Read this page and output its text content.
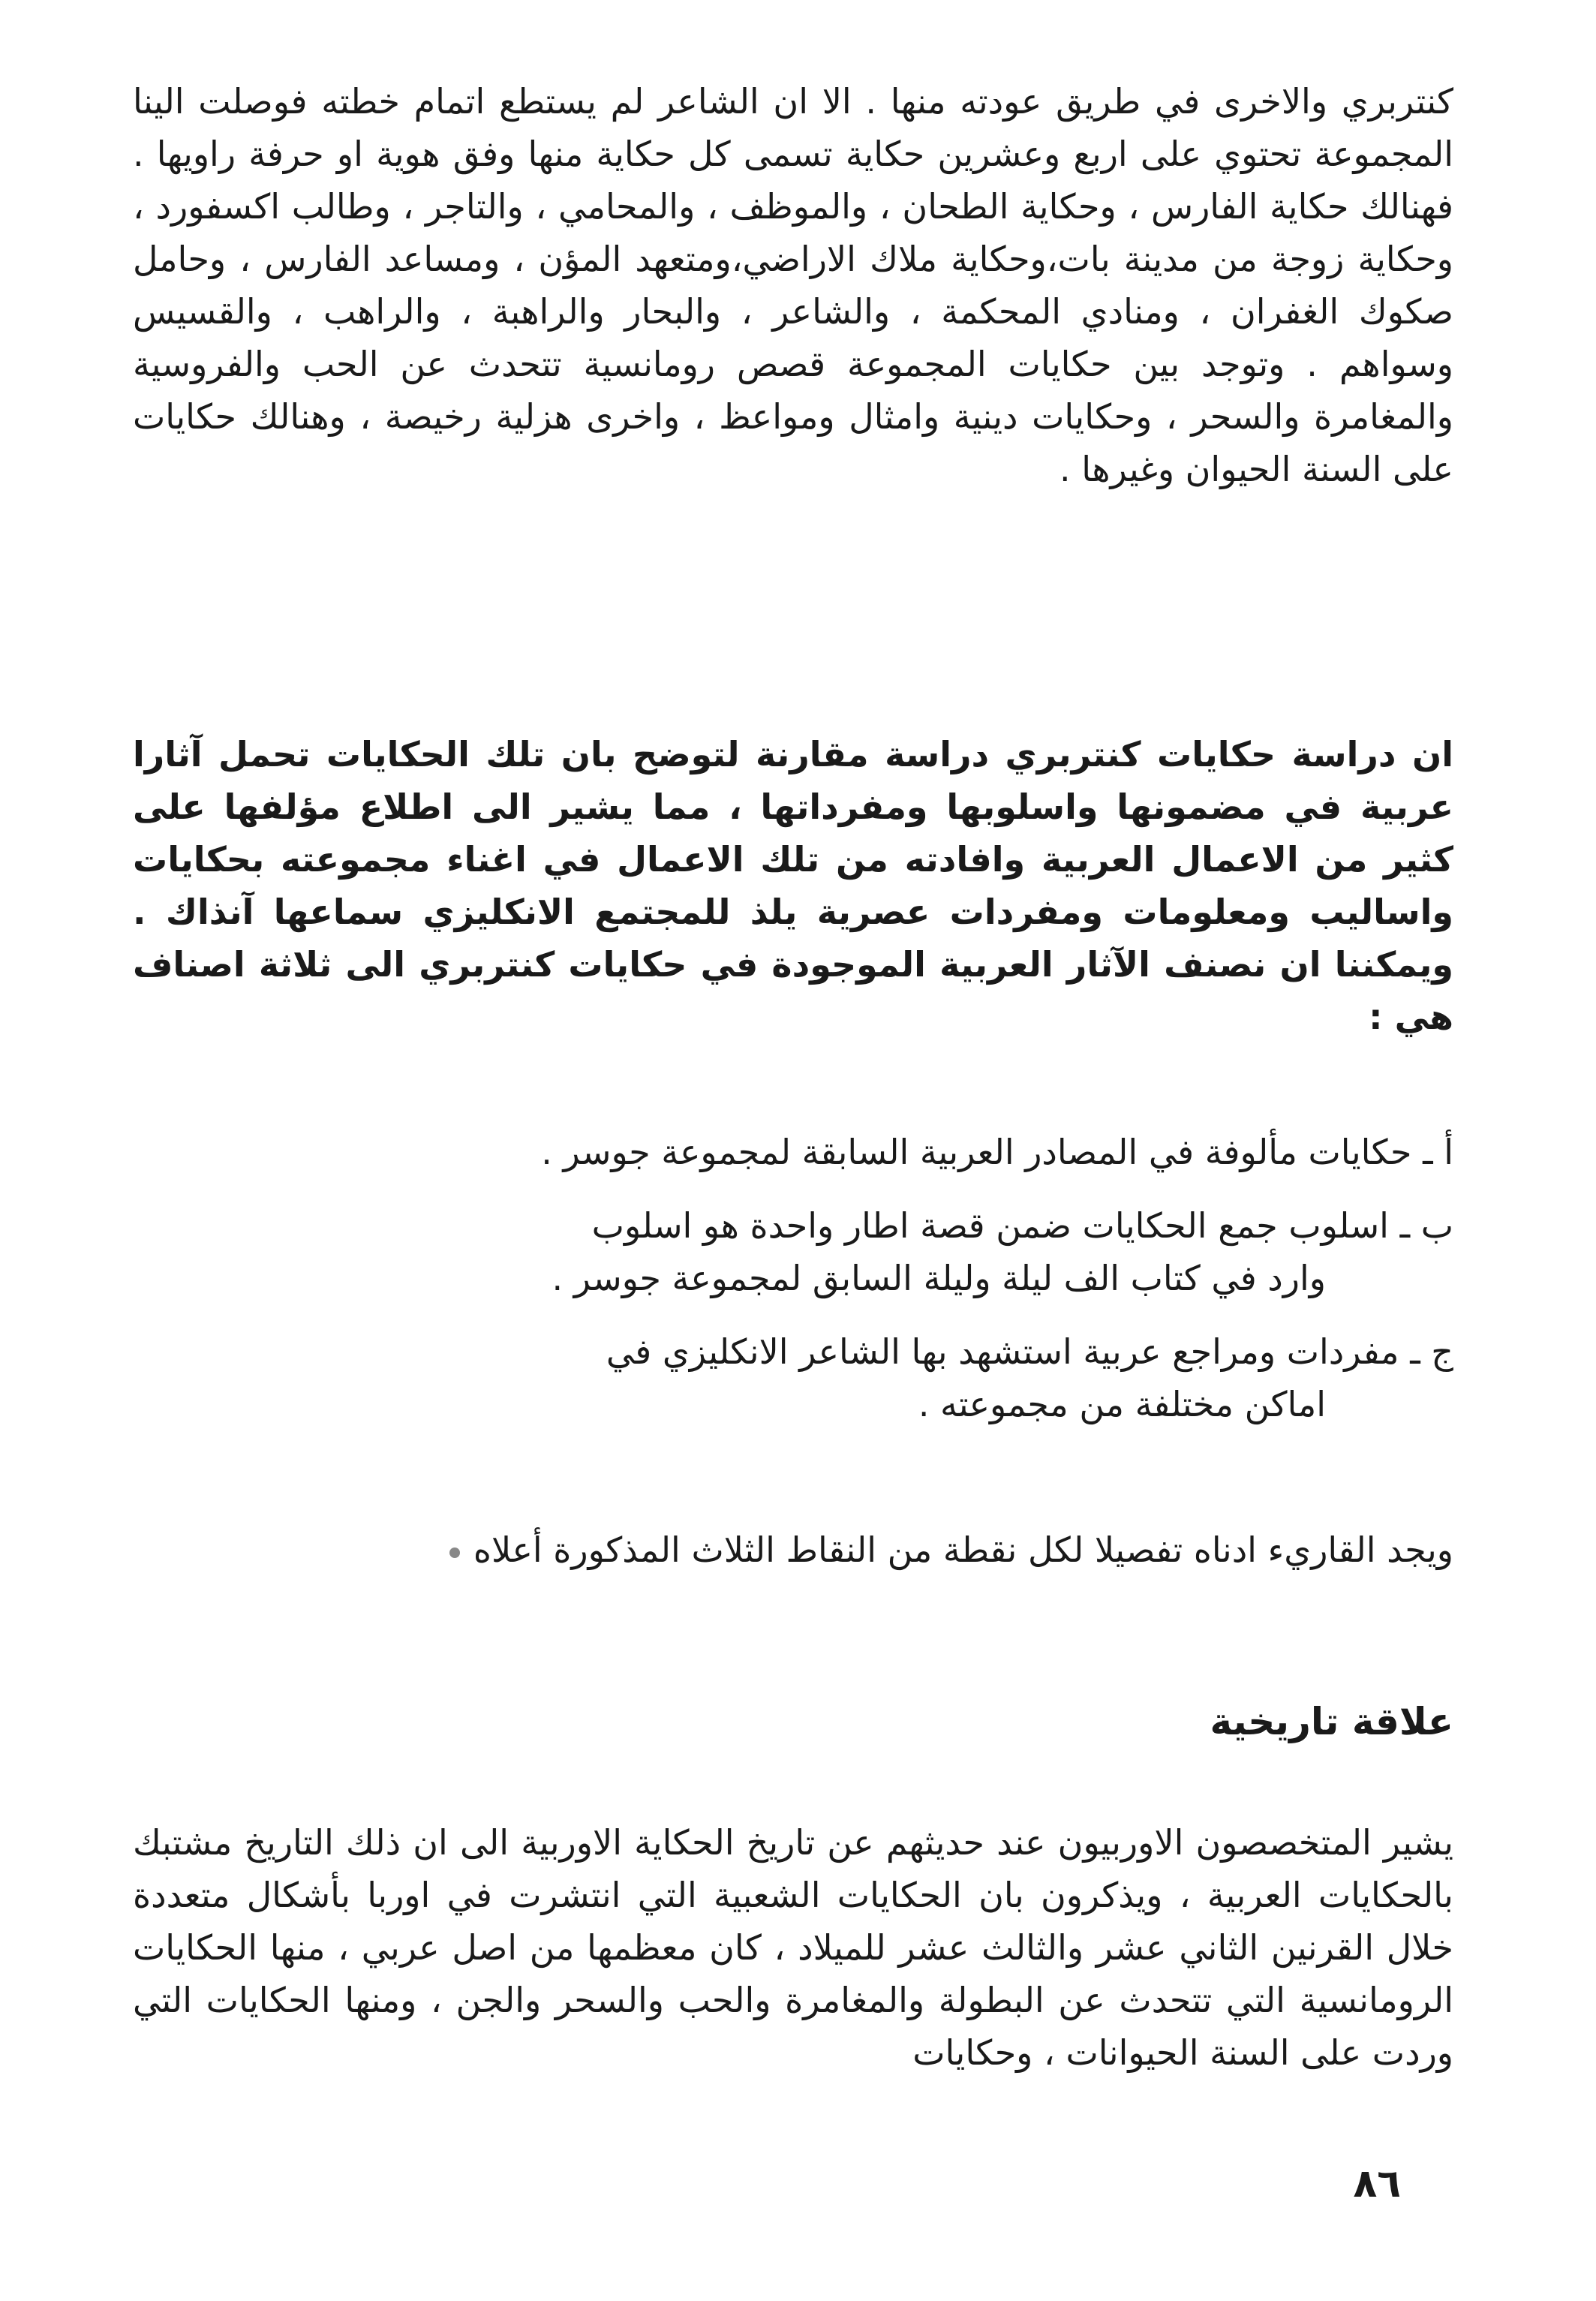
كنتربري والاخرى في طريق عودته منها . الا ان الشاعر لم يستطع اتمام خطته فوصلت الينا المجموعة تحتوي على اربع وعشرين حكاية تسمى كل حكاية منها وفق هوية او حرفة راويها . فهنالك حكاية الفارس ، وحكاية الطحان ، والموظف ، والمحامي ، والتاجر ، وطالب اكسفورد ، وحكاية زوجة من مدينة بات،وحكاية ملاك الاراضي،ومتعهد المؤن ، ومساعد الفارس ، وحامل صكوك الغفران ، ومنادي المحكمة ، والشاعر ، والبحار والراهبة ، والراهب ، والقسيس وسواهم . وتوجد بين حكايات المجموعة قصص رومانسية تتحدث عن الحب والفروسية والمغامرة والسحر ، وحكايات دينية وامثال ومواعظ ، واخرى هزلية رخيصة ، وهنالك حكايات على السنة الحيوان وغيرها .

ان دراسة حكايات كنتربري دراسة مقارنة لتوضح بان تلك الحكايات تحمل آثارا عربية في مضمونها واسلوبها ومفرداتها ، مما يشير الى اطلاع مؤلفها على كثير من الاعمال العربية وافادته من تلك الاعمال في اغناء مجموعته بحكايات واساليب ومعلومات ومفردات عصرية يلذ للمجتمع الانكليزي سماعها آنذاك . ويمكننا ان نصنف الآثار العربية الموجودة في حكايات كنتربري الى ثلاثة اصناف هي :

أ ـ حكايات مألوفة في المصادر العربية السابقة لمجموعة جوسر .

ب ـ اسلوب جمع الحكايات ضمن قصة اطار واحدة هو اسلوب
وارد في كتاب الف ليلة وليلة السابق لمجموعة جوسر .

ج ـ مفردات ومراجع عربية استشهد بها الشاعر الانكليزي في
اماكن مختلفة من مجموعته .

ويجد القاريء ادناه تفصيلا لكل نقطة من النقاط الثلاث المذكورة أعلاه

علاقة تاريخية

يشير المتخصصون الاوربيون عند حديثهم عن تاريخ الحكاية الاوربية الى ان ذلك التاريخ مشتبك بالحكايات العربية ، ويذكرون بان الحكايات الشعبية التي انتشرت في اوربا بأشكال متعددة خلال القرنين الثاني عشر والثالث عشر للميلاد ، كان معظمها من اصل عربي ، منها الحكايات الرومانسية التي تتحدث عن البطولة والمغامرة والحب والسحر والجن ، ومنها الحكايات التي وردت على السنة الحيوانات ، وحكايات

٨٦
